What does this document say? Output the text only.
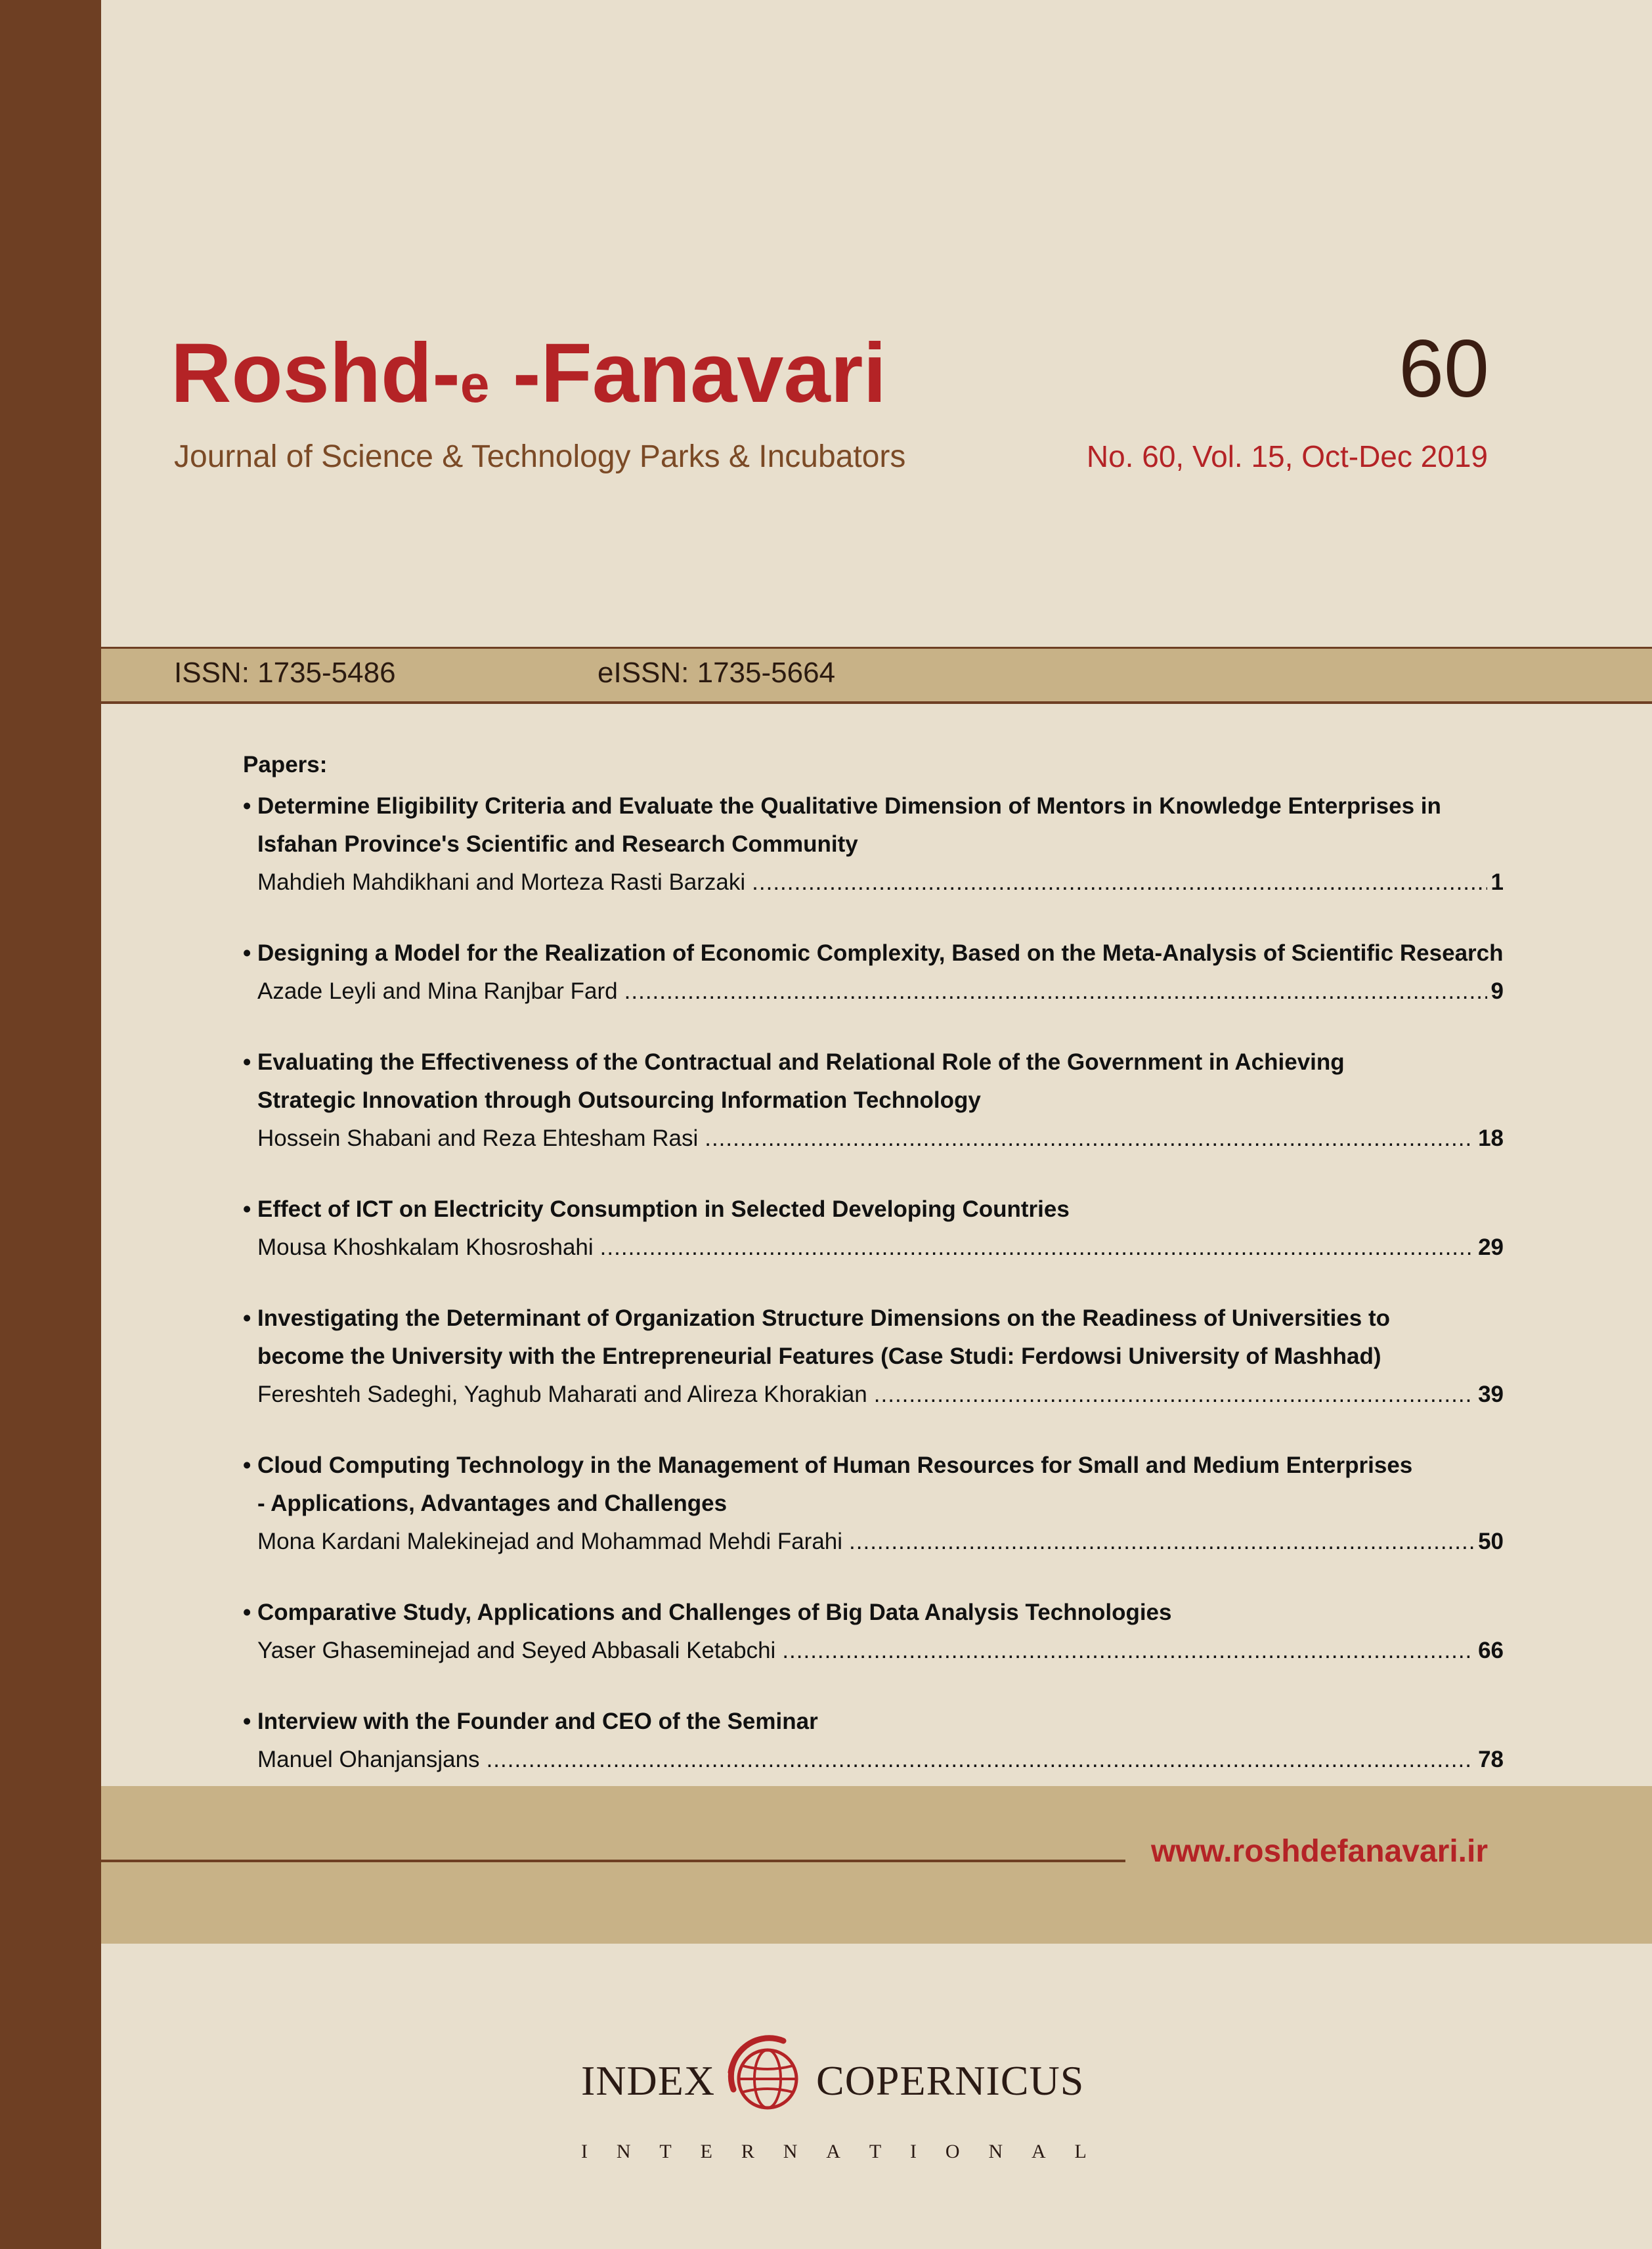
Roshd-e -Fanavari
Journal of Science & Technology Parks & Incubators
60
No. 60, Vol. 15, Oct-Dec 2019
ISSN: 1735-5486	eISSN: 1735-5664
Papers:
• Determine Eligibility Criteria and Evaluate the Qualitative Dimension of Mentors in Knowledge Enterprises in
Isfahan Province's Scientific and Research Community
Mahdieh Mahdikhani and Morteza Rasti Barzaki .....	1
• Designing a Model for the Realization of Economic Complexity, Based on the Meta-Analysis of Scientific Research
Azade Leyli and Mina Ranjbar Fard .....	9
• Evaluating the Effectiveness of the Contractual and Relational Role of the Government in Achieving
Strategic Innovation through Outsourcing Information Technology
Hossein Shabani and Reza Ehtesham Rasi .....	18
• Effect of ICT on Electricity Consumption in Selected Developing Countries
Mousa Khoshkalam Khosroshahi .....	29
• Investigating the Determinant of Organization Structure Dimensions on the Readiness of Universities to
become the University with the Entrepreneurial Features (Case Studi: Ferdowsi University of Mashhad)
Fereshteh Sadeghi, Yaghub Maharati and Alireza Khorakian .....	39
• Cloud Computing Technology in the Management of Human Resources for Small and Medium Enterprises
- Applications, Advantages and Challenges
Mona Kardani Malekinejad and Mohammad Mehdi Farahi .....	50
• Comparative Study, Applications and Challenges of Big Data Analysis Technologies
Yaser Ghaseminejad and Seyed Abbasali Ketabchi .....	66
• Interview with the Founder and CEO of the Seminar
Manuel Ohanjansjans .....	78
www.roshdefanavari.ir
INDEX COPERNICUS
I N T E R N A T I O N A L
